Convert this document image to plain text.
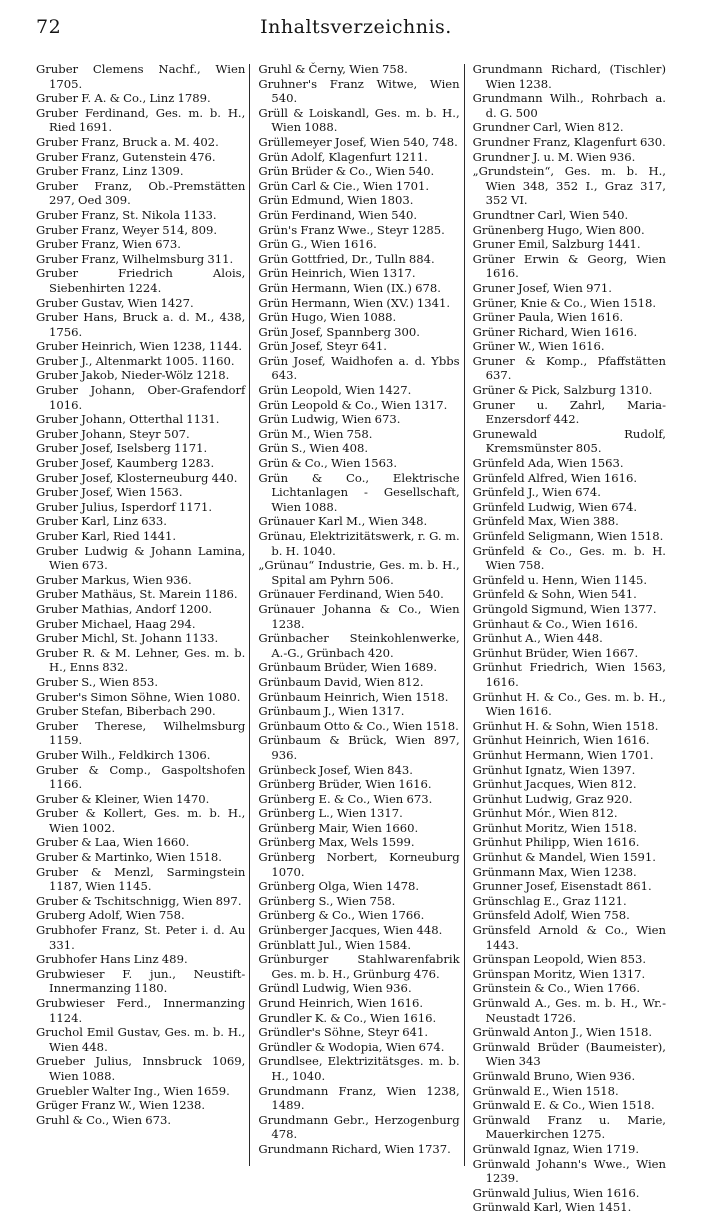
72	Inhaltsverzeichnis.

Gruber Clemens Nachf., Wien 1705.

Gruber F. A. & Co., Linz 1789.

Gruber Ferdinand, Ges. m. b. H., Ried 1691.

Gruber Franz, Bruck a. M. 402.

Gruber Franz, Gutenstein 476.

Gruber Franz, Linz 1309.

Gruber Franz, Ob.-Premstätten 297, Oed 309.

Gruber Franz, St. Nikola 1133.

Gruber Franz, Weyer 514, 809.

Gruber Franz, Wien 673.

Gruber Franz, Wilhelmsburg 311.

Gruber Friedrich Alois, Siebenhirten 1224.

Gruber Gustav, Wien 1427.

Gruber Hans, Bruck a. d. M., 438, 1756.

Gruber Heinrich, Wien 1238, 1144.

Gruber J., Altenmarkt 1005. 1160.

Gruber Jakob, Nieder-Wölz 1218.

Gruber Johann, Ober-Grafendorf 1016.

Gruber Johann, Otterthal 1131.

Gruber Johann, Steyr 507.

Gruber Josef, Iselsberg 1171.

Gruber Josef, Kaumberg 1283.

Gruber Josef, Klosterneuburg 440.

Gruber Josef, Wien 1563.

Gruber Julius, Isperdorf 1171.

Gruber Karl, Linz 633.

Gruber Karl, Ried 1441.

Gruber Ludwig & Johann Lamina, Wien 673.

Gruber Markus, Wien 936.

Gruber Mathäus, St. Marein 1186.

Gruber Mathias, Andorf 1200.

Gruber Michael, Haag 294.

Gruber Michl, St. Johann 1133.

Gruber R. & M. Lehner, Ges. m. b. H., Enns 832.

Gruber S., Wien 853.

Gruber's Simon Söhne, Wien 1080.

Gruber Stefan, Biberbach 290.

Gruber Therese, Wilhelmsburg 1159.

Gruber Wilh., Feldkirch 1306.

Gruber & Comp., Gaspoltshofen 1166.

Gruber & Kleiner, Wien 1470.

Gruber & Kollert, Ges. m. b. H., Wien 1002.

Gruber & Laa, Wien 1660.

Gruber & Martinko, Wien 1518.

Gruber & Menzl, Sarmingstein 1187, Wien 1145.

Gruber & Tschitschnigg, Wien 897.

Gruberg Adolf, Wien 758.

Grubhofer Franz, St. Peter i. d. Au 331.

Grubhofer Hans Linz 489.

Grubwieser F. jun., Neustift-Innermanzing 1180.

Grubwieser Ferd., Innermanzing 1124.

Gruchol Emil Gustav, Ges. m. b. H., Wien 448.

Grueber Julius, Innsbruck 1069, Wien 1088.

Gruebler Walter Ing., Wien 1659.

Grüger Franz W., Wien 1238.

Gruhl & Co., Wien 673.

Gruhl & Černy, Wien 758.

Gruhner's Franz Witwe, Wien 540.

Grüll & Loiskandl, Ges. m. b. H., Wien 1088.

Grüllemeyer Josef, Wien 540, 748.

Grün Adolf, Klagenfurt 1211.

Grün Brüder & Co., Wien 540.

Grün Carl & Cie., Wien 1701.

Grün Edmund, Wien 1803.

Grün Ferdinand, Wien 540.

Grün's Franz Wwe., Steyr 1285.

Grün G., Wien 1616.

Grün Gottfried, Dr., Tulln 884.

Grün Heinrich, Wien 1317.

Grün Hermann, Wien (IX.) 678.

Grün Hermann, Wien (XV.) 1341.

Grün Hugo, Wien 1088.

Grün Josef, Spannberg 300.

Grün Josef, Steyr 641.

Grün Josef, Waidhofen a. d. Ybbs 643.

Grün Leopold, Wien 1427.

Grün Leopold & Co., Wien 1317.

Grün Ludwig, Wien 673.

Grün M., Wien 758.

Grün S., Wien 408.

Grün & Co., Wien 1563.

Grün & Co., Elektrische Lichtanlagen - Gesellschaft, Wien 1088.

Grünauer Karl M., Wien 348.

Grünau, Elektrizitätswerk, r. G. m. b. H. 1040.

„Grünau“ Industrie, Ges. m. b. H., Spital am Pyhrn 506.

Grünauer Ferdinand, Wien 540.

Grünauer Johanna & Co., Wien 1238.

Grünbacher Steinkohlenwerke, A.-G., Grünbach 420.

Grünbaum Brüder, Wien 1689.

Grünbaum David, Wien 812.

Grünbaum Heinrich, Wien 1518.

Grünbaum J., Wien 1317.

Grünbaum Otto & Co., Wien 1518.

Grünbaum & Brück, Wien 897, 936.

Grünbeck Josef, Wien 843.

Grünberg Brüder, Wien 1616.

Grünberg E. & Co., Wien 673.

Grünberg L., Wien 1317.

Grünberg Mair, Wien 1660.

Grünberg Max, Wels 1599.

Grünberg Norbert, Korneuburg 1070.

Grünberg Olga, Wien 1478.

Grünberg S., Wien 758.

Grünberg & Co., Wien 1766.

Grünberger Jacques, Wien 448.

Grünblatt Jul., Wien 1584.

Grünburger Stahlwarenfabrik Ges. m. b. H., Grünburg 476.

Gründl Ludwig, Wien 936.

Grund Heinrich, Wien 1616.

Grundler K. & Co., Wien 1616.

Gründler's Söhne, Steyr 641.

Gründler & Wodopia, Wien 674.

Grundlsee, Elektrizitätsges. m. b. H., 1040.

Grundmann Franz, Wien 1238, 1489.

Grundmann Gebr., Herzogenburg 478.

Grundmann Richard, Wien 1737.

Grundmann Richard, (Tischler) Wien 1238.

Grundmann Wilh., Rohrbach a. d. G. 500

Grundner Carl, Wien 812.

Grundner Franz, Klagenfurt 630.

Grundner J. u. M. Wien 936.

„Grundstein“, Ges. m. b. H., Wien 348, 352 I., Graz 317, 352 VI.

Grundtner Carl, Wien 540.

Grünenberg Hugo, Wien 800.

Gruner Emil, Salzburg 1441.

Grüner Erwin & Georg, Wien 1616.

Gruner Josef, Wien 971.

Grüner, Knie & Co., Wien 1518.

Grüner Paula, Wien 1616.

Grüner Richard, Wien 1616.

Grüner W., Wien 1616.

Gruner & Komp., Pfaffstätten 637.

Grüner & Pick, Salzburg 1310.

Gruner u. Zahrl, Maria-Enzersdorf 442.

Grunewald Rudolf, Kremsmünster 805.

Grünfeld Ada, Wien 1563.

Grünfeld Alfred, Wien 1616.

Grünfeld J., Wien 674.

Grünfeld Ludwig, Wien 674.

Grünfeld Max, Wien 388.

Grünfeld Seligmann, Wien 1518.

Grünfeld & Co., Ges. m. b. H. Wien 758.

Grünfeld u. Henn, Wien 1145.

Grünfeld & Sohn, Wien 541.

Grüngold Sigmund, Wien 1377.

Grünhaut & Co., Wien 1616.

Grünhut A., Wien 448.

Grünhut Brüder, Wien 1667.

Grünhut Friedrich, Wien 1563, 1616.

Grünhut H. & Co., Ges. m. b. H., Wien 1616.

Grünhut H. & Sohn, Wien 1518.

Grünhut Heinrich, Wien 1616.

Grünhut Hermann, Wien 1701.

Grünhut Ignatz, Wien 1397.

Grünhut Jacques, Wien 812.

Grünhut Ludwig, Graz 920.

Grünhut Mór., Wien 812.

Grünhut Moritz, Wien 1518.

Grünhut Philipp, Wien 1616.

Grünhut & Mandel, Wien 1591.

Grünmann Max, Wien 1238.

Grunner Josef, Eisenstadt 861.

Grünschlag E., Graz 1121.

Grünsfeld Adolf, Wien 758.

Grünsfeld Arnold & Co., Wien 1443.

Grünspan Leopold, Wien 853.

Grünspan Moritz, Wien 1317.

Grünstein & Co., Wien 1766.

Grünwald A., Ges. m. b. H., Wr.-Neustadt 1726.

Grünwald Anton J., Wien 1518.

Grünwald Brüder (Baumeister), Wien 343

Grünwald Bruno, Wien 936.

Grünwald E., Wien 1518.

Grünwald E. & Co., Wien 1518.

Grünwald Franz u. Marie, Mauerkirchen 1275.

Grünwald Ignaz, Wien 1719.

Grünwald Johann's Wwe., Wien 1239.

Grünwald Julius, Wien 1616.

Grünwald Karl, Wien 1451.
